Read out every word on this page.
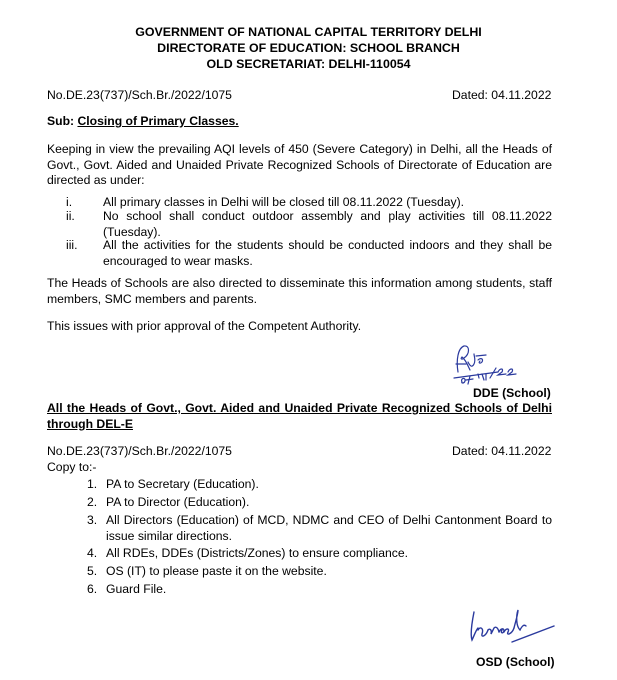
GOVERNMENT OF NATIONAL CAPITAL TERRITORY DELHI
DIRECTORATE OF EDUCATION: SCHOOL BRANCH
OLD SECRETARIAT: DELHI-110054
No.DE.23(737)/Sch.Br./2022/1075	Dated: 04.11.2022
Sub: Closing of Primary Classes.
Keeping in view the prevailing AQI levels of 450 (Severe Category) in Delhi, all the Heads of Govt., Govt. Aided and Unaided Private Recognized Schools of Directorate of Education are directed as under:
i.	All primary classes in Delhi will be closed till 08.11.2022 (Tuesday).
ii. No school shall conduct outdoor assembly and play activities till 08.11.2022 (Tuesday).
iii. All the activities for the students should be conducted indoors and they shall be encouraged to wear masks.
The Heads of Schools are also directed to disseminate this information among students, staff members, SMC members and parents.
This issues with prior approval of the Competent Authority.
DDE (School)
All the Heads of Govt., Govt. Aided and Unaided Private Recognized Schools of Delhi through DEL-E
No.DE.23(737)/Sch.Br./2022/1075	Dated: 04.11.2022
Copy to:-
1. PA to Secretary (Education).
2. PA to Director (Education).
3. All Directors (Education) of MCD, NDMC and CEO of Delhi Cantonment Board to issue similar directions.
4. All RDEs, DDEs (Districts/Zones) to ensure compliance.
5. OS (IT) to please paste it on the website.
6. Guard File.
OSD (School)
